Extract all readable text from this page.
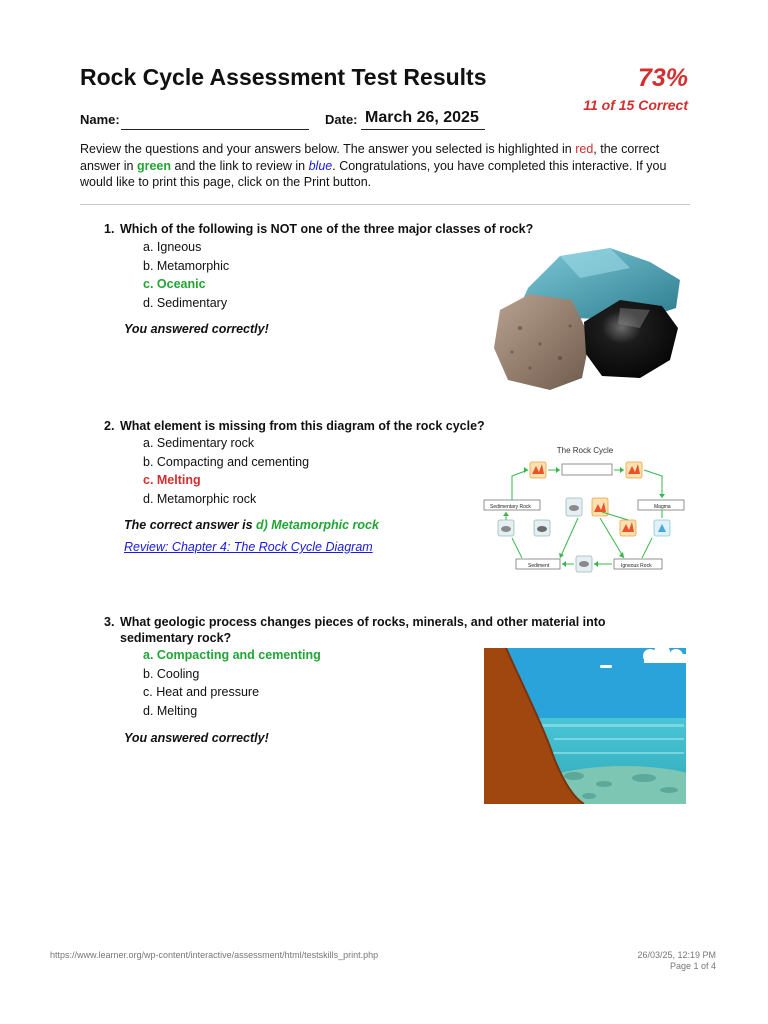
Rock Cycle Assessment Test Results	73%
11 of 15 Correct
Name:	Date: March 26, 2025

Review the questions and your answers below. The answer you selected is highlighted in red, the correct answer in green and the link to review in blue. Congratulations, you have completed this interactive. If you would like to print this page, click on the Print button.

1. Which of the following is NOT one of the three major classes of rock?

a. Igneous
b. Metamorphic
c. Oceanic
d. Sedimentary
You answered correctly!

2. What element is missing from this diagram of the rock cycle?

a. Sedimentary rock
b. Compacting and cementing
c. Melting
d. Metamorphic rock
The correct answer is d) Metamorphic rock
Review: Chapter 4: The Rock Cycle Diagram
The Rock Cycle
Sedimentary Rock	Magma
Sediment	Igneous Rock

3. What geologic process changes pieces of rocks, minerals, and other material into sedimentary rock?

a. Compacting and cementing
b. Cooling
c. Heat and pressure
d. Melting
You answered correctly!
https://www.learner.org/wp-content/interactive/assessment/html/testskills_print.php	26/03/25, 12:19 PM
Page 1 of 4
